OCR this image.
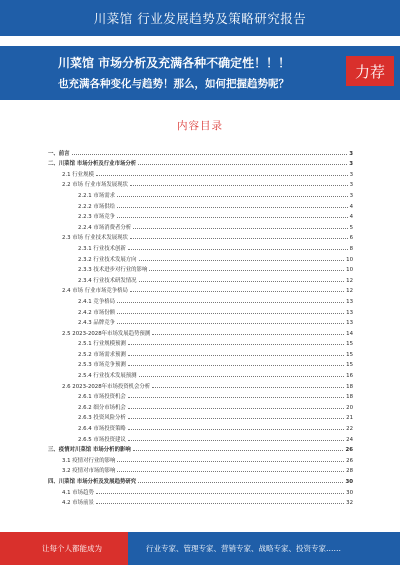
川菜馆 行业发展趋势及策略研究报告
川菜馆 市场分析及充满各种不确定性！！！
也充满各种变化与趋势！那么，如何把握趋势呢？
力荐
内容目录
一、前言	3
二、川菜馆 市场分析及行业市场分析	3
2.1 行业规模	3
2.2 市场 行业市场发展现状	3
2.2.1 市场需求	3
2.2.2 市场供给	4
2.2.3 市场竞争	4
2.2.4 市场消费者分析	5
2.3 市场 行业技术发展现状	6
2.3.1 行业技术创新	8
2.3.2 行业技术发展方向	10
2.3.3 技术进步对行业的影响	10
2.3.4 行业技术研发情况	12
2.4 市场 行业市场竞争格局	12
2.4.1 竞争格局	13
2.4.2 市场份额	13
2.4.3 品牌竞争	13
2.5 2023-2028年市场发展趋势预测	14
2.5.1 行业规模预测	15
2.5.2 市场需求预测	15
2.5.3 市场竞争预测	15
2.5.4 行业技术发展预测	16
2.6 2023-2028年市场投资机会分析	18
2.6.1 市场投资机会	18
2.6.2 细分市场机会	20
2.6.3 投资风险分析	21
2.6.4 市场投资策略	22
2.6.5 市场投资建议	24
三、疫情对川菜馆 市场分析的影响	26
3.1 疫情对行业的影响	26
3.2 疫情对市场的影响	28
四、川菜馆 市场分析及发展趋势研究	30
4.1 市场趋势	30
4.2 市场前景	32
让每个人都能成为	行业专家、管理专家、营销专家、战略专家、投资专家……
